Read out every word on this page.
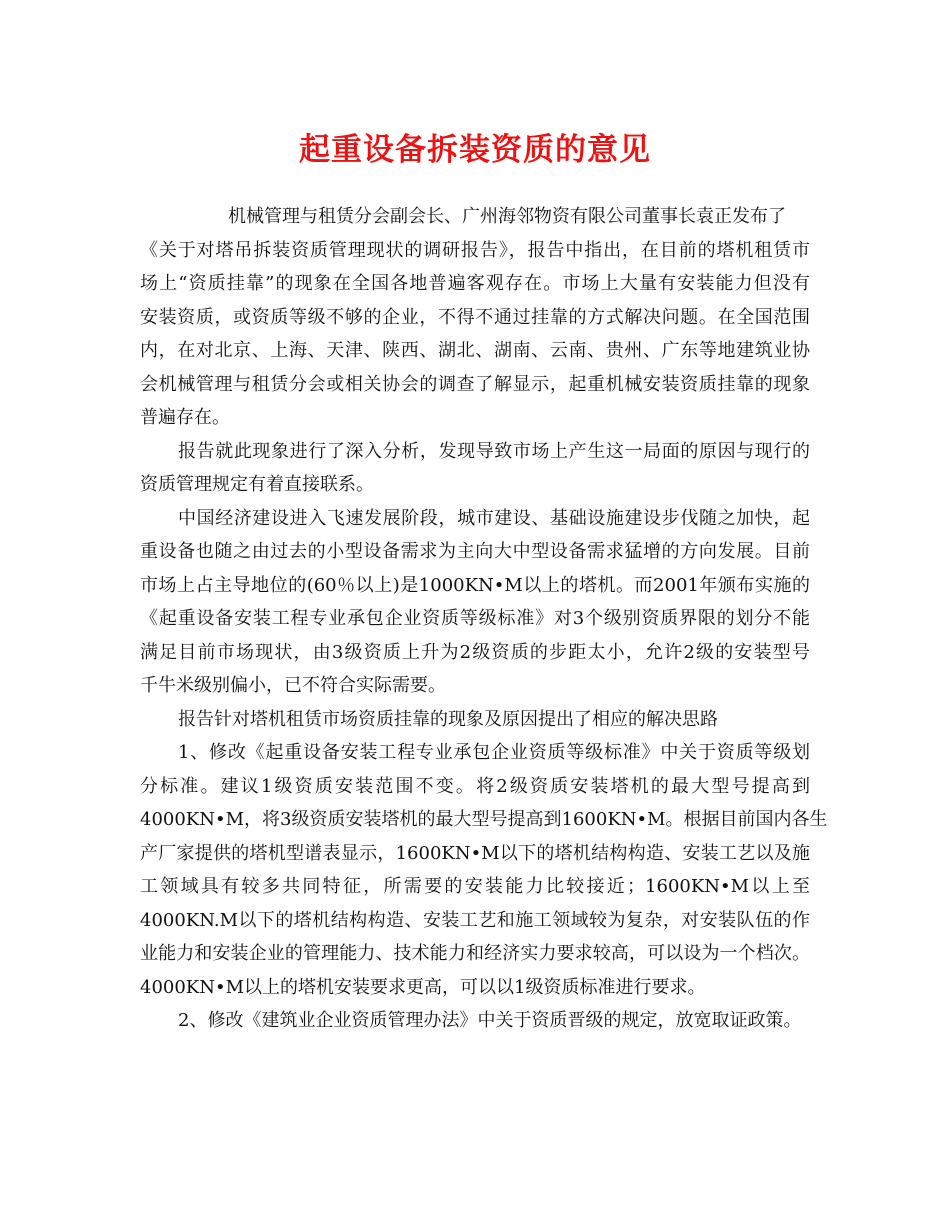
起重设备拆装资质的意见
机械管理与租赁分会副会长、广州海邻物资有限公司董事长袁正发布了
《关于对塔吊拆装资质管理现状的调研报告》，报告中指出，在目前的塔机租赁市
场上“资质挂靠”的现象在全国各地普遍客观存在。市场上大量有安装能力但没有
安装资质，或资质等级不够的企业，不得不通过挂靠的方式解决问题。在全国范围
内，在对北京、上海、天津、陕西、湖北、湖南、云南、贵州、广东等地建筑业协
会机械管理与租赁分会或相关协会的调查了解显示，起重机械安装资质挂靠的现象
普遍存在。
报告就此现象进行了深入分析，发现导致市场上产生这一局面的原因与现行的
资质管理规定有着直接联系。
中国经济建设进入飞速发展阶段，城市建设、基础设施建设步伐随之加快，起
重设备也随之由过去的小型设备需求为主向大中型设备需求猛增的方向发展。目前
市场上占主导地位的(60％以上)是1000KN•M以上的塔机。而2001年颁布实施的
《起重设备安装工程专业承包企业资质等级标准》对3个级别资质界限的划分不能
满足目前市场现状，由3级资质上升为2级资质的步距太小，允许2级的安装型号
千牛米级别偏小，已不符合实际需要。
报告针对塔机租赁市场资质挂靠的现象及原因提出了相应的解决思路
1、修改《起重设备安装工程专业承包企业资质等级标准》中关于资质等级划
分标准。建议1级资质安装范围不变。将2级资质安装塔机的最大型号提高到
4000KN•M，将3级资质安装塔机的最大型号提高到1600KN•M。根据目前国内各生
产厂家提供的塔机型谱表显示，1600KN•M以下的塔机结构构造、安装工艺以及施
工领域具有较多共同特征，所需要的安装能力比较接近；1600KN•M以上至
4000KN.M以下的塔机结构构造、安装工艺和施工领域较为复杂，对安装队伍的作
业能力和安装企业的管理能力、技术能力和经济实力要求较高，可以设为一个档次。
4000KN•M以上的塔机安装要求更高，可以以1级资质标准进行要求。
2、修改《建筑业企业资质管理办法》中关于资质晋级的规定，放宽取证政策。
